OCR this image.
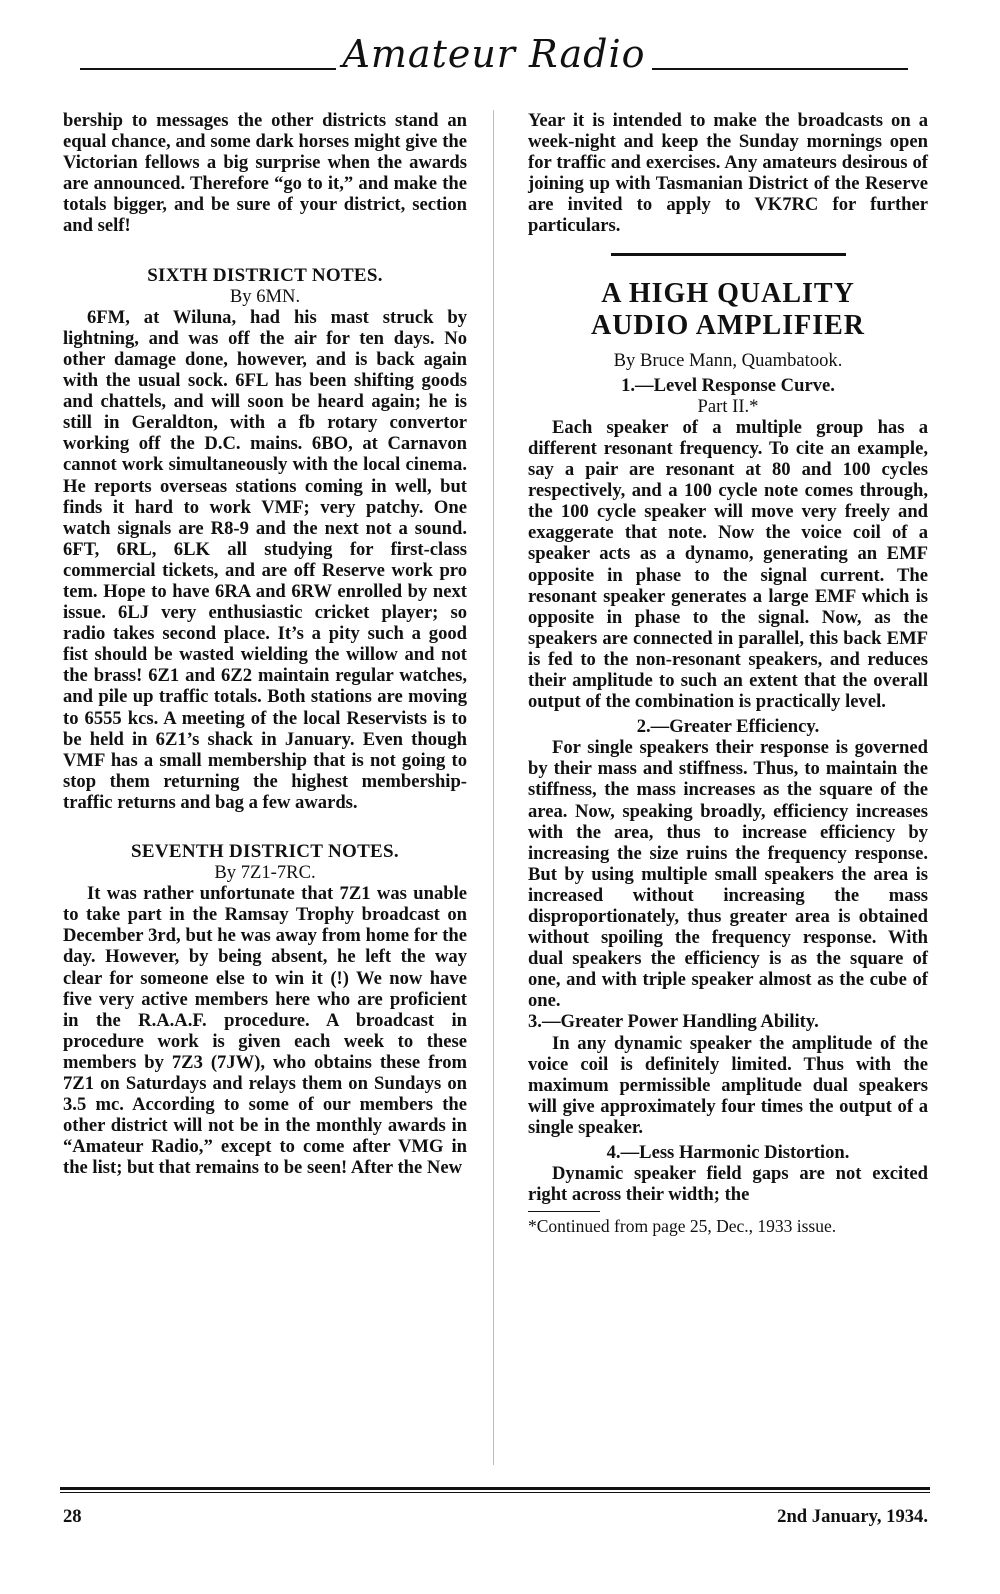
Amateur Radio

bership to messages the other districts stand an equal chance, and some dark horses might give the Victorian fellows a big surprise when the awards are announced. Therefore “go to it,” and make the totals bigger, and be sure of your district, section and self!

SIXTH DISTRICT NOTES.
By 6MN.

6FM, at Wiluna, had his mast struck by lightning, and was off the air for ten days. No other damage done, however, and is back again with the usual sock. 6FL has been shifting goods and chattels, and will soon be heard again; he is still in Geraldton, with a fb rotary convertor working off the D.C. mains. 6BO, at Carnavon cannot work simultaneously with the local cinema. He reports overseas stations coming in well, but finds it hard to work VMF; very patchy. One watch signals are R8-9 and the next not a sound. 6FT, 6RL, 6LK all studying for first-class commercial tickets, and are off Reserve work pro tem. Hope to have 6RA and 6RW enrolled by next issue. 6LJ very enthusiastic cricket player; so radio takes second place. It’s a pity such a good fist should be wasted wielding the willow and not the brass! 6Z1 and 6Z2 maintain regular watches, and pile up traffic totals. Both stations are moving to 6555 kcs. A meeting of the local Reservists is to be held in 6Z1’s shack in January. Even though VMF has a small membership that is not going to stop them returning the highest membership-traffic returns and bag a few awards.

SEVENTH DISTRICT NOTES.
By 7Z1-7RC.

It was rather unfortunate that 7Z1 was unable to take part in the Ramsay Trophy broadcast on December 3rd, but he was away from home for the day. However, by being absent, he left the way clear for someone else to win it (!) We now have five very active members here who are proficient in the R.A.A.F. procedure. A broadcast in procedure work is given each week to these members by 7Z3 (7JW), who obtains these from 7Z1 on Saturdays and relays them on Sundays on 3.5 mc. According to some of our members the other district will not be in the monthly awards in “Amateur Radio,” except to come after VMG in the list; but that remains to be seen! After the New

Year it is intended to make the broadcasts on a week-night and keep the Sunday mornings open for traffic and exercises. Any amateurs desirous of joining up with Tasmanian District of the Reserve are invited to apply to VK7RC for further particulars.

A HIGH QUALITY
AUDIO AMPLIFIER
By Bruce Mann, Quambatook.
1.—Level Response Curve.
Part II.*

Each speaker of a multiple group has a different resonant frequency. To cite an example, say a pair are resonant at 80 and 100 cycles respectively, and a 100 cycle note comes through, the 100 cycle speaker will move very freely and exaggerate that note. Now the voice coil of a speaker acts as a dynamo, generating an EMF opposite in phase to the signal current. The resonant speaker generates a large EMF which is opposite in phase to the signal. Now, as the speakers are connected in parallel, this back EMF is fed to the non-resonant speakers, and reduces their amplitude to such an extent that the overall output of the combination is practically level.

2.—Greater Efficiency.

For single speakers their response is governed by their mass and stiffness. Thus, to maintain the stiffness, the mass increases as the square of the area. Now, speaking broadly, efficiency increases with the area, thus to increase efficiency by increasing the size ruins the frequency response. But by using multiple small speakers the area is increased without increasing the mass disproportionately, thus greater area is obtained without spoiling the frequency response. With dual speakers the efficiency is as the square of one, and with triple speaker almost as the cube of one.

3.—Greater Power Handling Ability.

In any dynamic speaker the amplitude of the voice coil is definitely limited. Thus with the maximum permissible amplitude dual speakers will give approximately four times the output of a single speaker.

4.—Less Harmonic Distortion.

Dynamic speaker field gaps are not excited right across their width; the

*Continued from page 25, Dec., 1933 issue.
28	2nd January, 1934.
